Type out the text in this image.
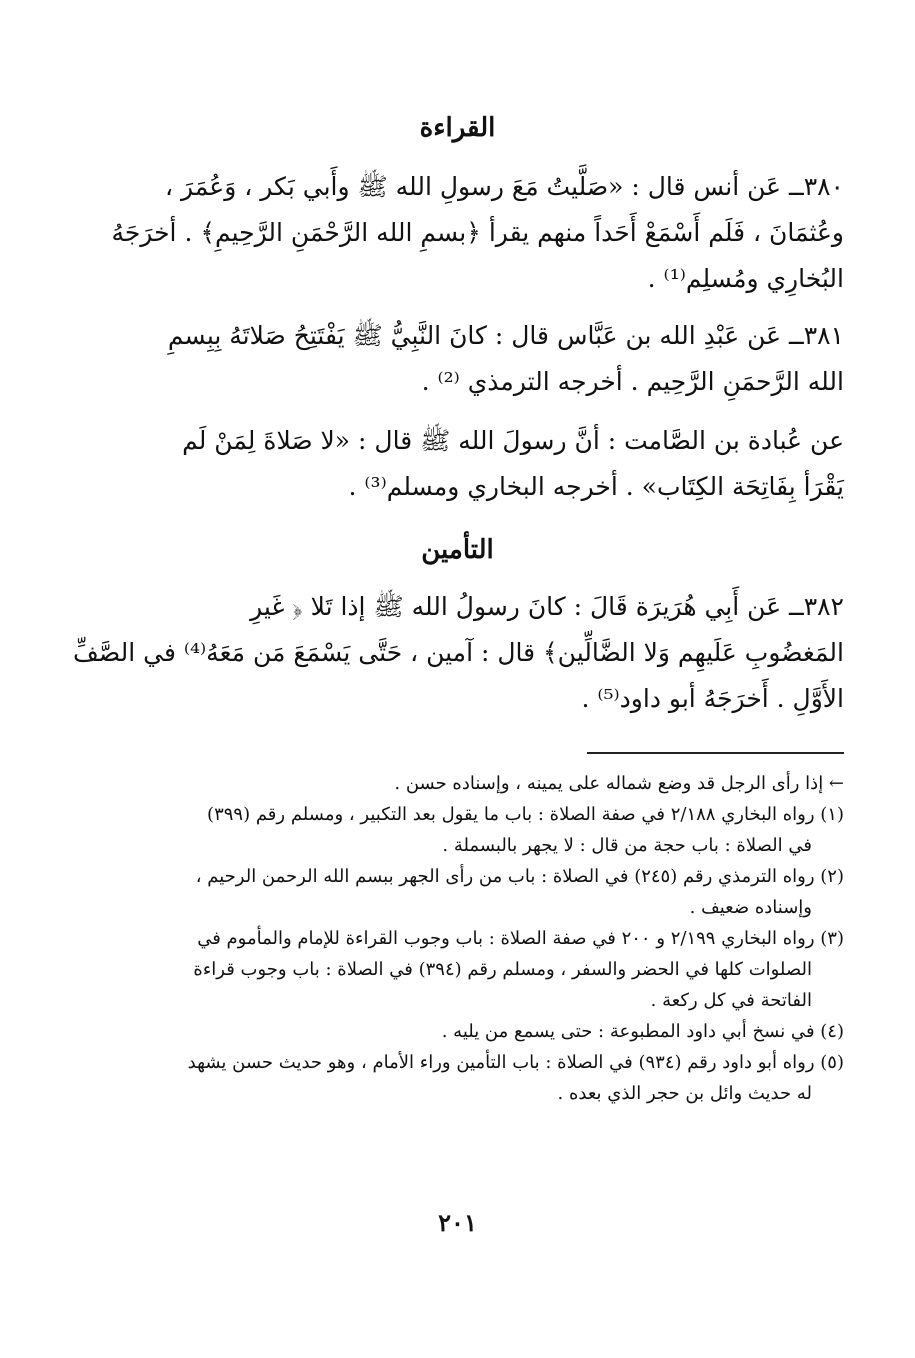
القراءة
٣٨٠ــ عَن أنس قال : «صَلَّيتُ مَعَ رسولِ الله ﷺ وأَبي بَكر ، وَعُمَرَ ،
وعُثمَانَ ، فَلَم أَسْمَعْ أَحَداً منهم يقرأ ﴿بسمِ الله الرَّحْمَنِ الرَّحِيمِ﴾ . أخرَجَهُ
البُخارِي ومُسلِم⁽¹⁾ .
٣٨١ــ عَن عَبْدِ الله بن عَبَّاس قال : كانَ النَّبِيُّ ﷺ يَفْتَتِحُ صَلاتَهُ بِبِسمِ
الله الرَّحمَنِ الرَّحِيم . أخرجه الترمذي ⁽²⁾ .
عن عُبادة بن الصَّامت : أنَّ رسولَ الله ﷺ قال : «لا صَلاةَ لِمَنْ لَم
يَقْرَأ بِفَاتِحَة الكِتَاب» . أخرجه البخاري ومسلم⁽³⁾ .
التأمين
٣٨٢ــ عَن أَبِي هُرَيرَة قَالَ : كانَ رسولُ الله ﷺ إذا تَلا ﴿ غَيرِ
المَغضُوبِ عَلَيهِم وَلا الضَّالِّين﴾ قال : آمين ، حَتَّى يَسْمَعَ مَن مَعَهُ⁽⁴⁾ في الصَّفِّ
الأَوَّلِ . أَخرَجَهُ أبو داود⁽⁵⁾ .
← إذا رأى الرجل قد وضع شماله على يمينه ، وإسناده حسن .
(١) رواه البخاري ٢/١٨٨ في صفة الصلاة : باب ما يقول بعد التكبير ، ومسلم رقم (٣٩٩)
في الصلاة : باب حجة من قال : لا يجهر بالبسملة .
(٢) رواه الترمذي رقم (٢٤٥) في الصلاة : باب من رأى الجهر ببسم الله الرحمن الرحيم ،
وإسناده ضعيف .
(٣) رواه البخاري ٢/١٩٩ و ٢٠٠ في صفة الصلاة : باب وجوب القراءة للإمام والمأموم في
الصلوات كلها في الحضر والسفر ، ومسلم رقم (٣٩٤) في الصلاة : باب وجوب قراءة
الفاتحة في كل ركعة .
(٤) في نسخ أبي داود المطبوعة : حتى يسمع من يليه .
(٥) رواه أبو داود رقم (٩٣٤) في الصلاة : باب التأمين وراء الأمام ، وهو حديث حسن يشهد
له حديث وائل بن حجر الذي بعده .
٢٠١
